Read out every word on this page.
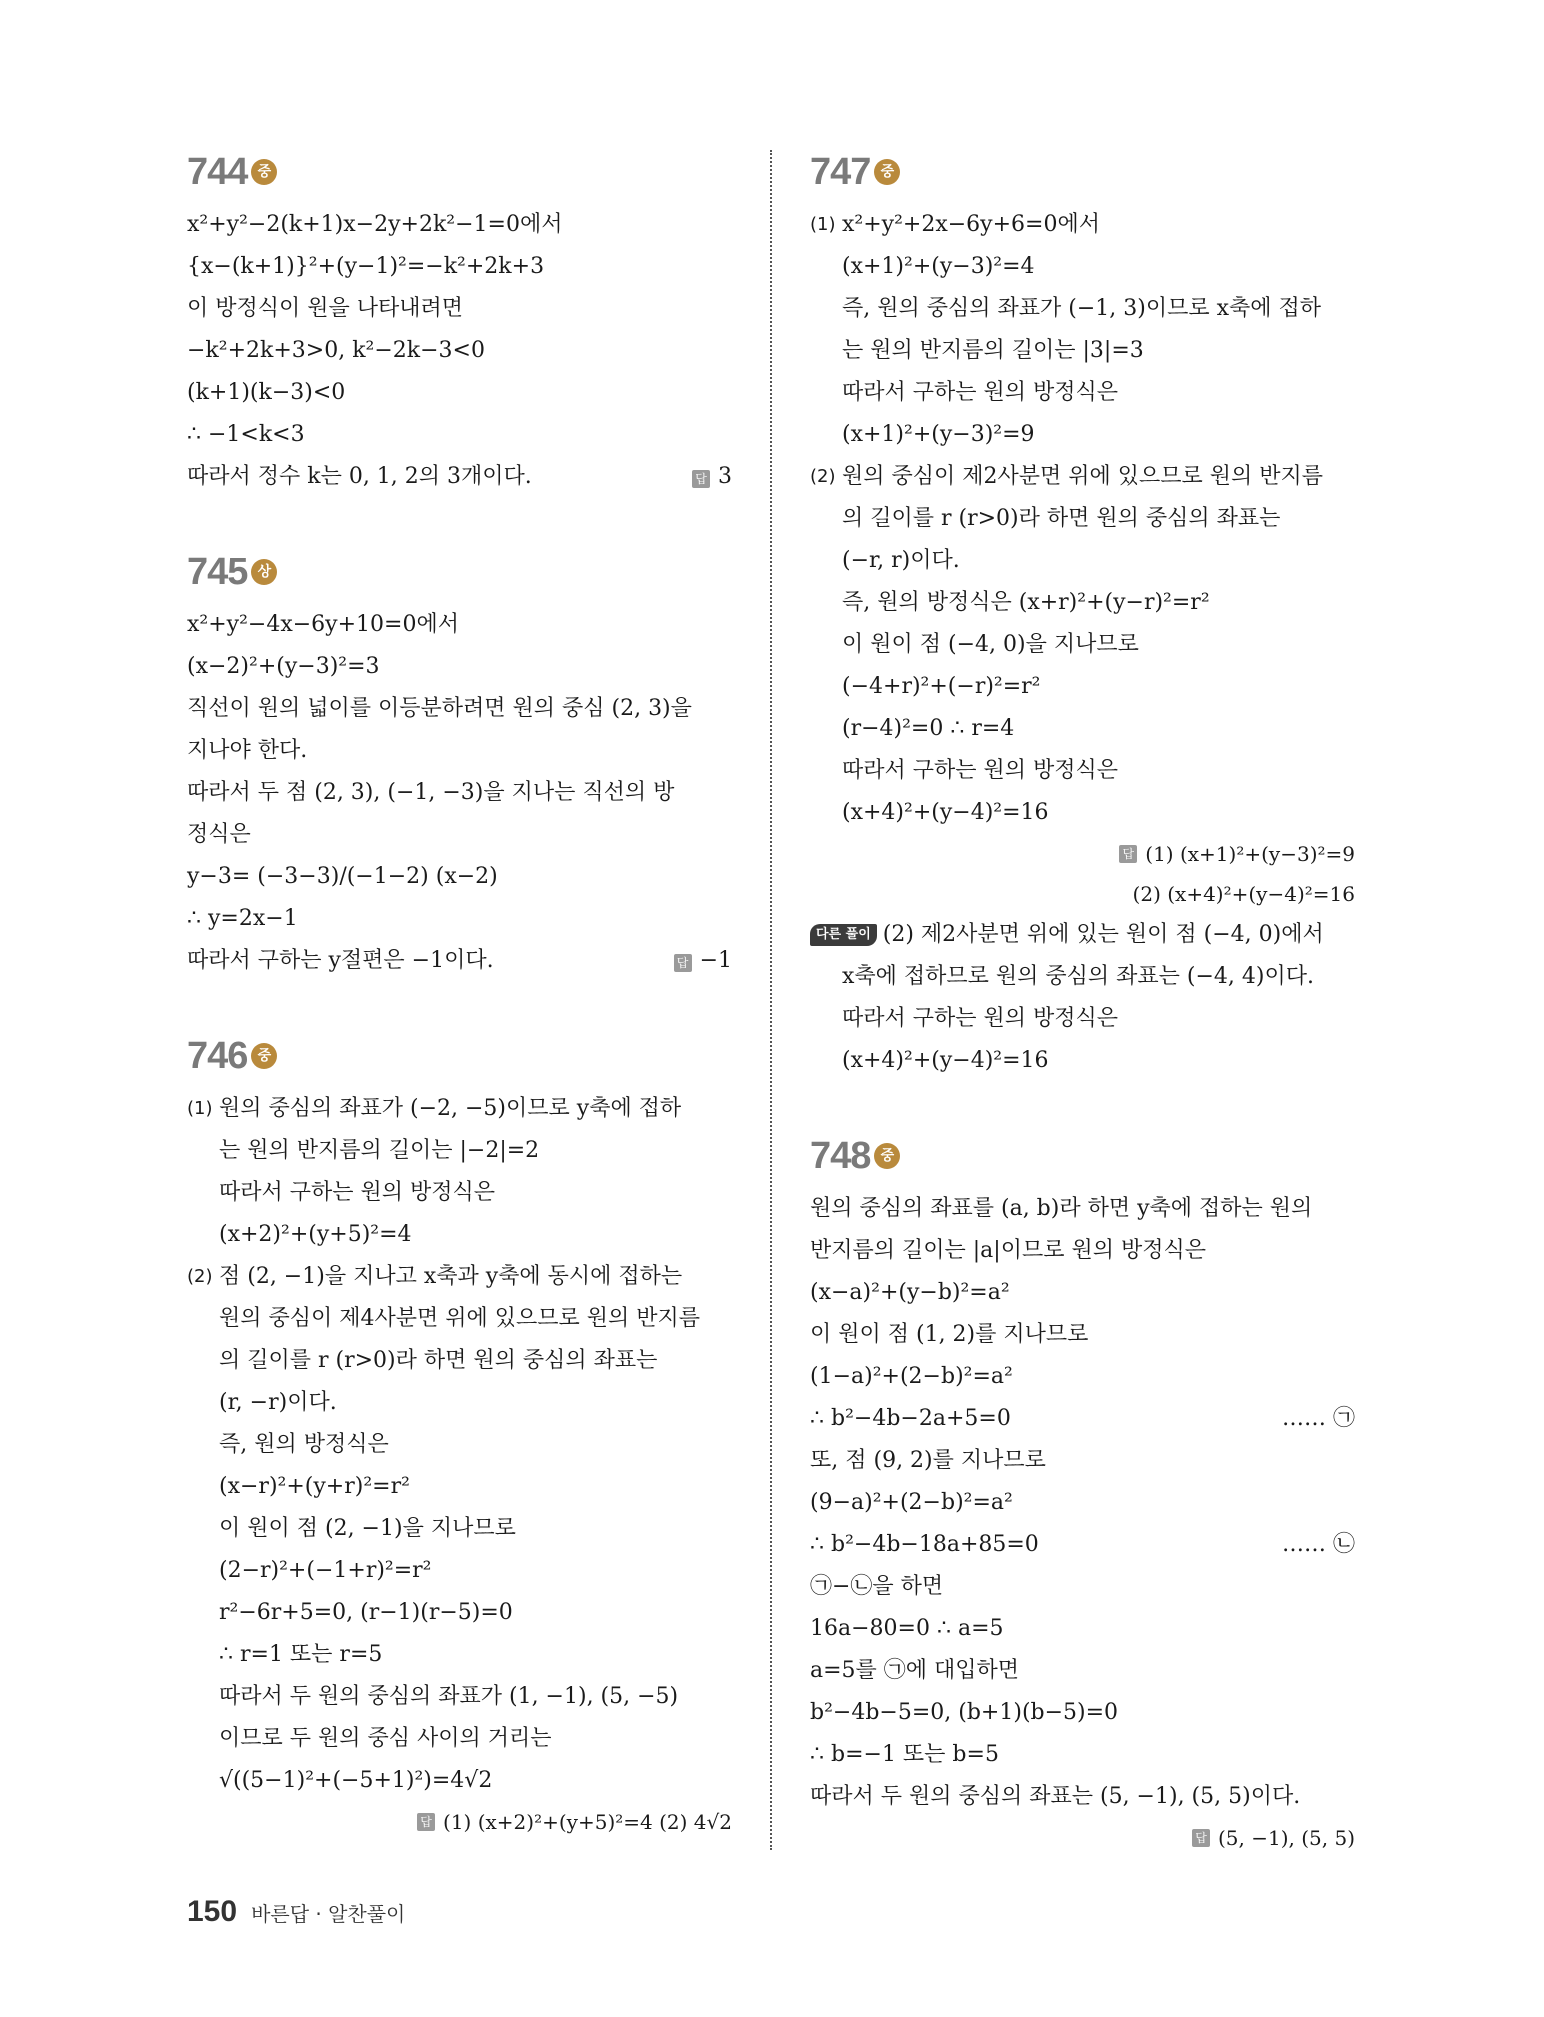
744 중
x²+y²−2(k+1)x−2y+2k²−1=0에서
{x−(k+1)}²+(y−1)²=−k²+2k+3
이 방정식이 원을 나타내려면
−k²+2k+3>0, k²−2k−3<0
(k+1)(k−3)<0
∴ −1<k<3
따라서 정수 k는 0, 1, 2의 3개이다.	답 3
745 상
x²+y²−4x−6y+10=0에서
(x−2)²+(y−3)²=3
직선이 원의 넓이를 이등분하려면 원의 중심 (2, 3)을
지나야 한다.
따라서 두 점 (2, 3), (−1, −3)을 지나는 직선의 방
정식은
y−3= (−3−3)/(−1−2) (x−2)
∴ y=2x−1
따라서 구하는 y절편은 −1이다.	답 −1
746 중
(1) 원의 중심의 좌표가 (−2, −5)이므로 y축에 접하
는 원의 반지름의 길이는 |−2|=2
따라서 구하는 원의 방정식은
(x+2)²+(y+5)²=4
(2) 점 (2, −1)을 지나고 x축과 y축에 동시에 접하는
원의 중심이 제4사분면 위에 있으므로 원의 반지름
의 길이를 r (r>0)라 하면 원의 중심의 좌표는
(r, −r)이다.
즉, 원의 방정식은
(x−r)²+(y+r)²=r²
이 원이 점 (2, −1)을 지나므로
(2−r)²+(−1+r)²=r²
r²−6r+5=0, (r−1)(r−5)=0
∴ r=1 또는 r=5
따라서 두 원의 중심의 좌표가 (1, −1), (5, −5)
이므로 두 원의 중심 사이의 거리는
√((5−1)²+(−5+1)²)=4√2
답 (1) (x+2)²+(y+5)²=4 (2) 4√2
747 중
(1) x²+y²+2x−6y+6=0에서
(x+1)²+(y−3)²=4
즉, 원의 중심의 좌표가 (−1, 3)이므로 x축에 접하
는 원의 반지름의 길이는 |3|=3
따라서 구하는 원의 방정식은
(x+1)²+(y−3)²=9
(2) 원의 중심이 제2사분면 위에 있으므로 원의 반지름
의 길이를 r (r>0)라 하면 원의 중심의 좌표는
(−r, r)이다.
즉, 원의 방정식은 (x+r)²+(y−r)²=r²
이 원이 점 (−4, 0)을 지나므로
(−4+r)²+(−r)²=r²
(r−4)²=0 ∴ r=4
따라서 구하는 원의 방정식은
(x+4)²+(y−4)²=16
답 (1) (x+1)²+(y−3)²=9
(2) (x+4)²+(y−4)²=16
다른 풀이 (2) 제2사분면 위에 있는 원이 점 (−4, 0)에서
x축에 접하므로 원의 중심의 좌표는 (−4, 4)이다.
따라서 구하는 원의 방정식은
(x+4)²+(y−4)²=16
748 중
원의 중심의 좌표를 (a, b)라 하면 y축에 접하는 원의
반지름의 길이는 |a|이므로 원의 방정식은
(x−a)²+(y−b)²=a²
이 원이 점 (1, 2)를 지나므로
(1−a)²+(2−b)²=a²
∴ b²−4b−2a+5=0	…… ㉠
또, 점 (9, 2)를 지나므로
(9−a)²+(2−b)²=a²
∴ b²−4b−18a+85=0	…… ㉡
㉠−㉡을 하면
16a−80=0 ∴ a=5
a=5를 ㉠에 대입하면
b²−4b−5=0, (b+1)(b−5)=0
∴ b=−1 또는 b=5
따라서 두 원의 중심의 좌표는 (5, −1), (5, 5)이다.
답 (5, −1), (5, 5)
150 바른답 · 알찬풀이
